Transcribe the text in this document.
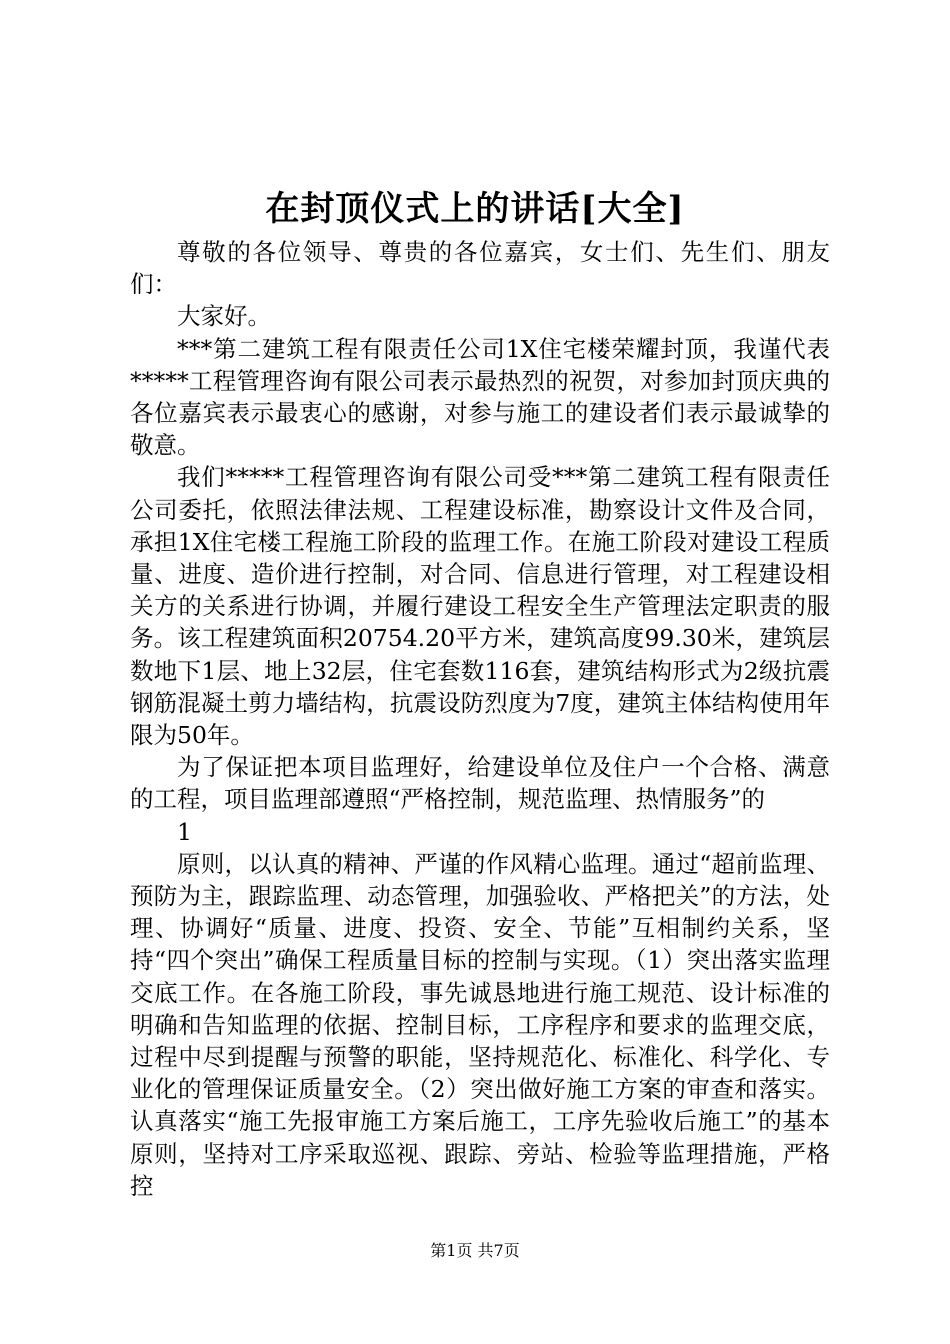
在封顶仪式上的讲话[大全]

尊敬的各位领导、尊贵的各位嘉宾，女士们、先生们、朋友们：

大家好。

***第二建筑工程有限责任公司1X住宅楼荣耀封顶，我谨代表*****工程管理咨询有限公司表示最热烈的祝贺，对参加封顶庆典的各位嘉宾表示最衷心的感谢，对参与施工的建设者们表示最诚挚的敬意。

我们*****工程管理咨询有限公司受***第二建筑工程有限责任公司委托，依照法律法规、工程建设标准，勘察设计文件及合同，承担1X住宅楼工程施工阶段的监理工作。在施工阶段对建设工程质量、进度、造价进行控制，对合同、信息进行管理，对工程建设相关方的关系进行协调，并履行建设工程安全生产管理法定职责的服务。该工程建筑面积20754.20平方米，建筑高度99.30米，建筑层数地下1层、地上32层，住宅套数116套，建筑结构形式为2级抗震钢筋混凝土剪力墙结构，抗震设防烈度为7度，建筑主体结构使用年限为50年。

为了保证把本项目监理好，给建设单位及住户一个合格、满意的工程，项目监理部遵照“严格控制，规范监理、热情服务”的

1

原则，以认真的精神、严谨的作风精心监理。通过“超前监理、预防为主，跟踪监理、动态管理，加强验收、严格把关”的方法，处理、协调好“质量、进度、投资、安全、节能”互相制约关系，坚持“四个突出”确保工程质量目标的控制与实现。（1）突出落实监理交底工作。在各施工阶段，事先诚恳地进行施工规范、设计标准的明确和告知监理的依据、控制目标，工序程序和要求的监理交底，过程中尽到提醒与预警的职能，坚持规范化、标准化、科学化、专业化的管理保证质量安全。（2）突出做好施工方案的审查和落实。认真落实“施工先报审施工方案后施工，工序先验收后施工”的基本原则，坚持对工序采取巡视、跟踪、旁站、检验等监理措施，严格控

第1页 共7页
